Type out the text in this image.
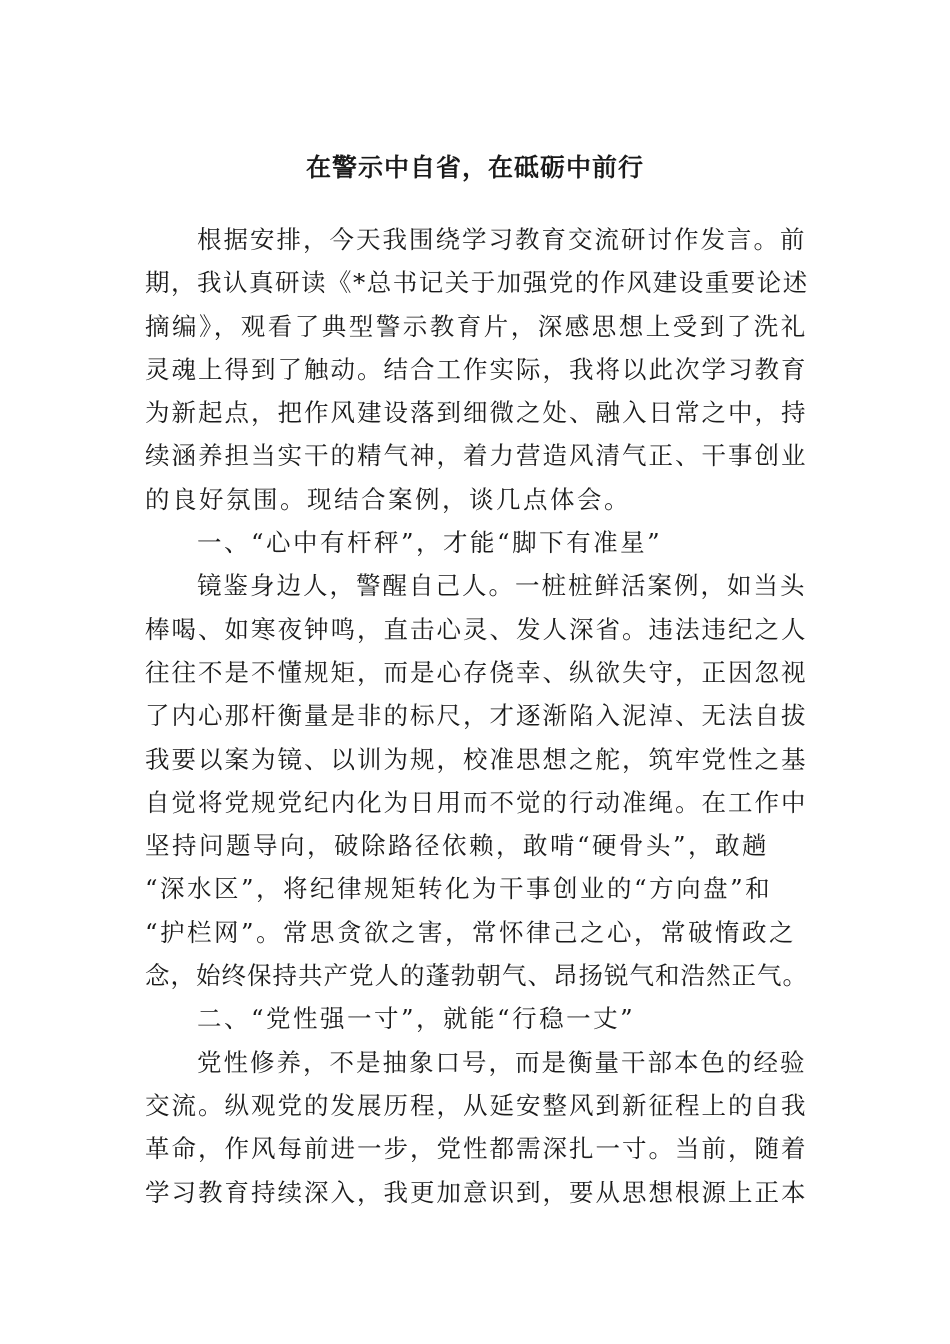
在警示中自省，在砥砺中前行
根据安排，今天我围绕学习教育交流研讨作发言。前
期，我认真研读《*总书记关于加强党的作风建设重要论述
摘编》，观看了典型警示教育片，深感思想上受到了洗礼
灵魂上得到了触动。结合工作实际，我将以此次学习教育
为新起点，把作风建设落到细微之处、融入日常之中，持
续涵养担当实干的精气神，着力营造风清气正、干事创业
的良好氛围。现结合案例，谈几点体会。
一、“心中有杆秤”，才能“脚下有准星”
镜鉴身边人，警醒自己人。一桩桩鲜活案例，如当头
棒喝、如寒夜钟鸣，直击心灵、发人深省。违法违纪之人
往往不是不懂规矩，而是心存侥幸、纵欲失守，正因忽视
了内心那杆衡量是非的标尺，才逐渐陷入泥淖、无法自拔
我要以案为镜、以训为规，校准思想之舵，筑牢党性之基
自觉将党规党纪内化为日用而不觉的行动准绳。在工作中
坚持问题导向，破除路径依赖，敢啃“硬骨头”，敢趟
“深水区”，将纪律规矩转化为干事创业的“方向盘”和
“护栏网”。常思贪欲之害，常怀律己之心，常破惰政之
念，始终保持共产党人的蓬勃朝气、昂扬锐气和浩然正气。
二、“党性强一寸”，就能“行稳一丈”
党性修养，不是抽象口号，而是衡量干部本色的经验
交流。纵观党的发展历程，从延安整风到新征程上的自我
革命，作风每前进一步，党性都需深扎一寸。当前，随着
学习教育持续深入，我更加意识到，要从思想根源上正本
